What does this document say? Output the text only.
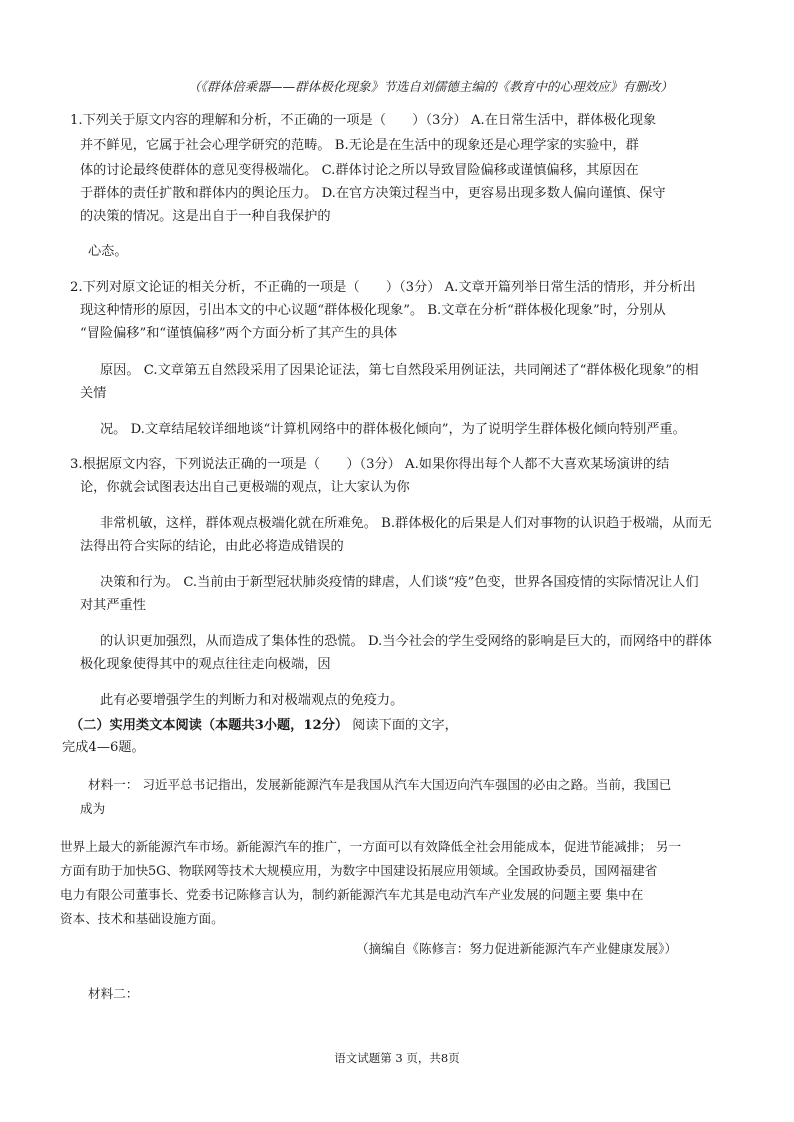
（《群体倍乘器——群体极化现象》节选自刘儒德主编的《教育中的心理效应》有删改）
1.下列关于原文内容的理解和分析，不正确的一项是（　　）（3分） A.在日常生活中，群体极化现象
并不鲜见，它属于社会心理学研究的范畴。 B.无论是在生活中的现象还是心理学家的实验中，群
体的讨论最终使群体的意见变得极端化。 C.群体讨论之所以导致冒险偏移或谨慎偏移，其原因在
于群体的责任扩散和群体内的舆论压力。 D.在官方决策过程当中，更容易出现多数人偏向谨慎、保守
的决策的情况。这是出自于一种自我保护的
心态。
2.下列对原文论证的相关分析，不正确的一项是（　　）（3分） A.文章开篇列举日常生活的情形，并分析出
现这种情形的原因，引出本文的中心议题“群体极化现象”。 B.文章在分析“群体极化现象”时，分别从
“冒险偏移”和“谨慎偏移”两个方面分析了其产生的具体
原因。 C.文章第五自然段采用了因果论证法，第七自然段采用例证法，共同阐述了“群体极化现象”的相
关情
况。 D.文章结尾较详细地谈“计算机网络中的群体极化倾向”，为了说明学生群体极化倾向特别严重。
3.根据原文内容，下列说法正确的一项是（　　）（3分） A.如果你得出每个人都不大喜欢某场演讲的结
论，你就会试图表达出自己更极端的观点，让大家认为你
非常机敏，这样，群体观点极端化就在所难免。 B.群体极化的后果是人们对事物的认识趋于极端，从而无
法得出符合实际的结论，由此必将造成错误的
决策和行为。 C.当前由于新型冠状肺炎疫情的肆虐，人们谈“疫”色变，世界各国疫情的实际情况让人们
对其严重性
的认识更加强烈，从而造成了集体性的恐慌。 D.当今社会的学生受网络的影响是巨大的，而网络中的群体
极化现象使得其中的观点往往走向极端，因
此有必要增强学生的判断力和对极端观点的免疫力。
（二）实用类文本阅读（本题共3小题，12分） 阅读下面的文字，
完成4—6题。
材料一： 习近平总书记指出，发展新能源汽车是我国从汽车大国迈向汽车强国的必由之路。当前，我国已
成为
世界上最大的新能源汽车市场。新能源汽车的推广，一方面可以有效降低全社会用能成本，促进节能减排； 另一
方面有助于加快5G、物联网等技术大规模应用，为数字中国建设拓展应用领域。全国政协委员，国网福建省
电力有限公司董事长、党委书记陈修言认为，制约新能源汽车尤其是电动汽车产业发展的问题主要 集中在
资本、技术和基础设施方面。
（摘编自《陈修言：努力促进新能源汽车产业健康发展》）
材料二：
语文试题第 3 页，共8页
